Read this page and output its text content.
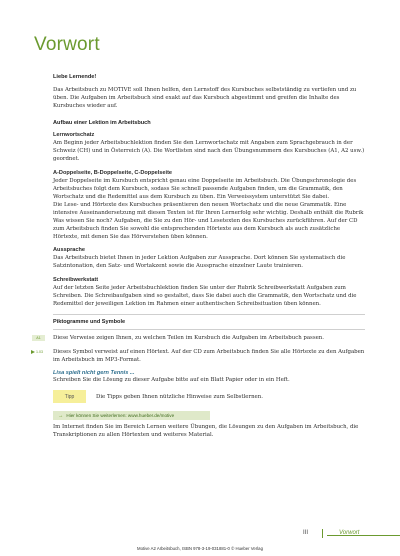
Vorwort

Liebe Lernende!

Das Arbeitsbuch zu MOTIVE soll Ihnen helfen, den Lernstoff des Kursbuches selbstständig zu vertiefen und zu üben. Die Aufgaben im Arbeitsbuch sind exakt auf das Kursbuch abgestimmt und greifen die Inhalte des Kursbuches wieder auf.

Aufbau einer Lektion im Arbeitsbuch

Lernwortschatz

Am Beginn jeder Arbeitsbuchlektion finden Sie den Lernwortschatz mit Angaben zum Sprachgebrauch in der Schweiz (CH) und in Österreich (A). Die Wortlisten sind nach den Übungsnummern des Kursbuches (A1, A2 usw.) geordnet.

A-Doppelseite, B-Doppelseite, C-Doppelseite

Jeder Doppelseite im Kursbuch entspricht genau eine Doppelseite im Arbeitsbuch. Die Übungschronologie des Arbeitsbuches folgt dem Kursbuch, sodass Sie schnell passende Aufgaben finden, um die Grammatik, den Wortschatz und die Redemittel aus dem Kursbuch zu üben. Ein Verweissystem unterstützt Sie dabei.

Die Lese- und Hörtexte des Kursbuches präsentieren den neuen Wortschatz und die neue Grammatik. Eine intensive Auseinandersetzung mit diesen Texten ist für Ihren Lernerfolg sehr wichtig. Deshalb enthält die Rubrik Was wissen Sie noch? Aufgaben, die Sie zu den Hör- und Lesetexten des Kursbuches zurückführen. Auf der CD zum Arbeitsbuch finden Sie sowohl die entsprechenden Hörtexte aus dem Kursbuch als auch zusätzliche Hörtexte, mit denen Sie das Hörverstehen üben können.

Aussprache

Das Arbeitsbuch bietet Ihnen in jeder Lektion Aufgaben zur Aussprache. Dort können Sie systematisch die Satzintonation, den Satz- und Wortakzent sowie die Aussprache einzelner Laute trainieren.

Schreibwerkstatt

Auf der letzten Seite jeder Arbeitsbuchlektion finden Sie unter der Rubrik Schreibwerkstatt Aufgaben zum Schreiben. Die Schreibaufgaben sind so gestaltet, dass Sie dabei auch die Grammatik, den Wortschatz und die Redemittel der jeweiligen Lektion im Rahmen einer authentischen Schreibsituation üben können.

Piktogramme und Symbole

A1	Diese Verweise zeigen Ihnen, zu welchen Teilen im Kursbuch die Aufgaben im Arbeitsbuch passen.

1.03 Dieses Symbol verweist auf einen Hörtext. Auf der CD zum Arbeitsbuch finden Sie alle Hörtexte zu den Aufgaben im Arbeitsbuch im MP3-Format.

Lisa spielt nicht gern Tennis ...

Schreiben Sie die Lösung zu dieser Aufgabe bitte auf ein Blatt Papier oder in ein Heft.

Tipp	Die Tipps geben Ihnen nützliche Hinweise zum Selbstlernen.

→ Hier können Sie weiterlernen: www.hueber.de/motive

Im Internet finden Sie im Bereich Lernen weitere Übungen, die Lösungen zu den Aufgaben im Arbeitsbuch, die Transkriptionen zu allen Hörtexten und weiteres Material.

III	Vorwort
Motive A2 Arbeitsbuch, ISBN 978-3-19-031881-0 © Hueber Verlag
